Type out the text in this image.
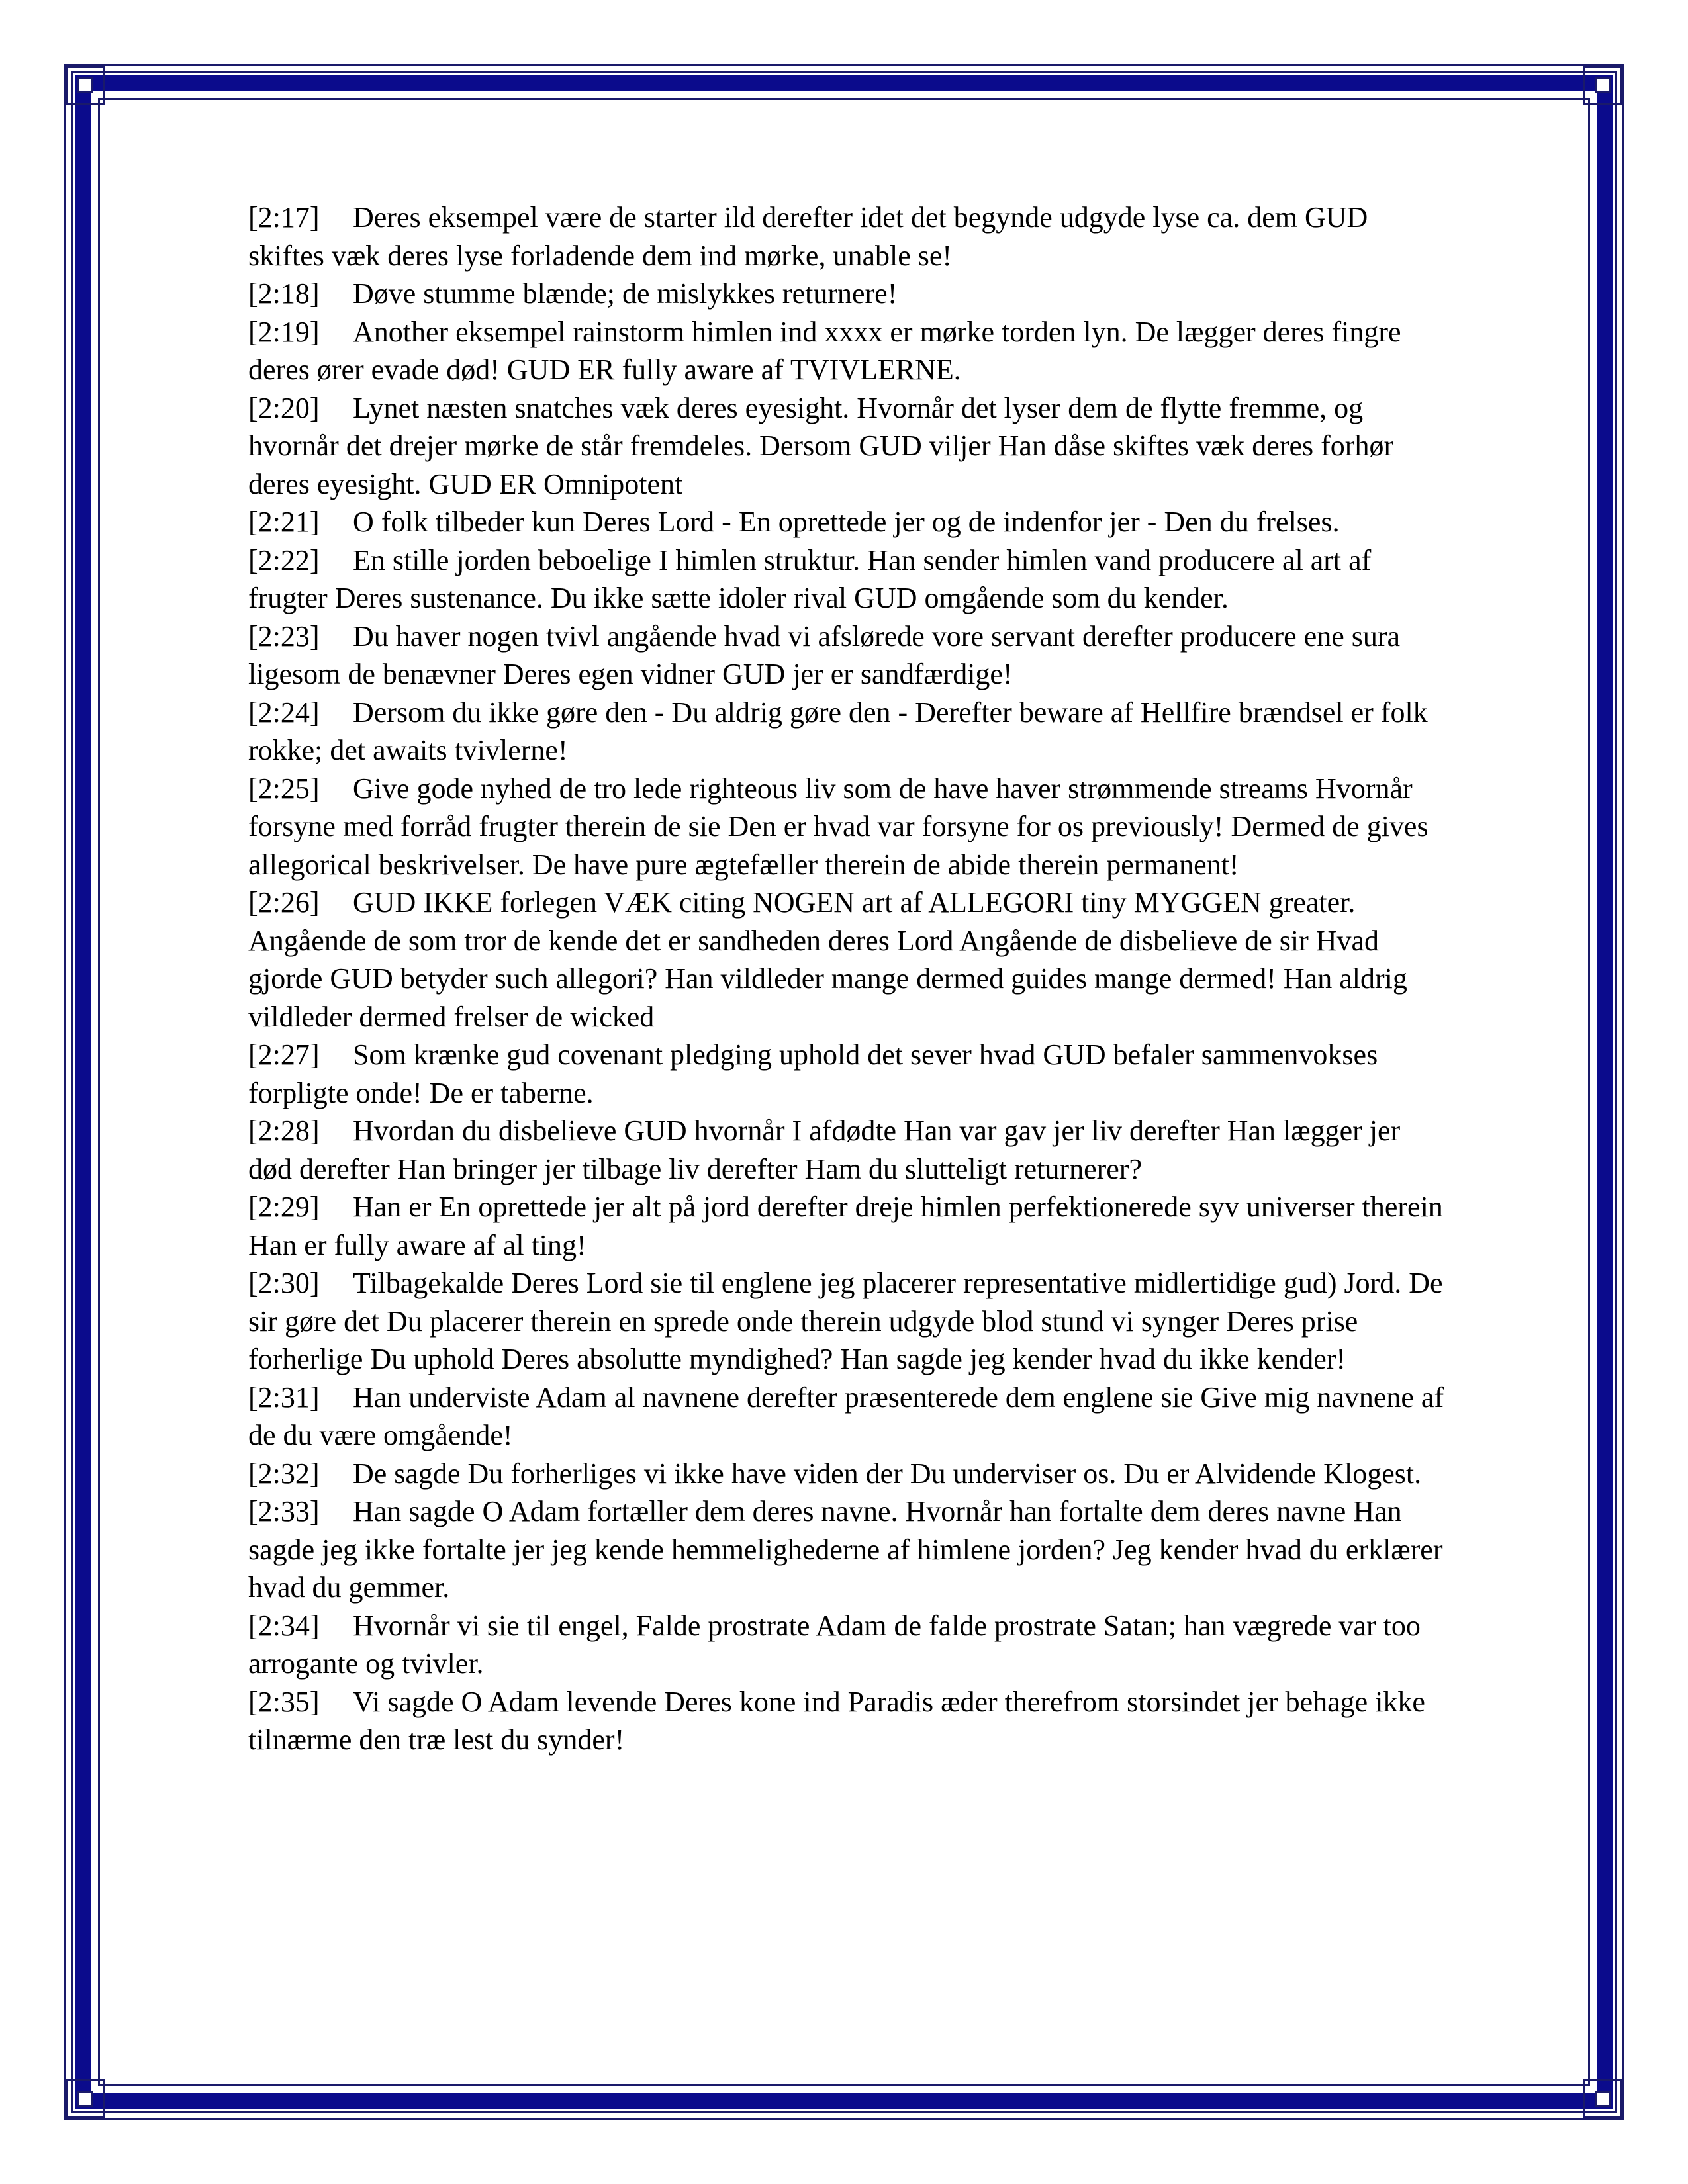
[2:17] Deres eksempel være de starter ild derefter idet det begynde udgyde lyse ca. dem GUD skiftes væk deres lyse forladende dem ind mørke, unable se!

[2:18] Døve stumme blænde; de mislykkes returnere!

[2:19] Another eksempel rainstorm himlen ind xxxx er mørke torden lyn. De lægger deres fingre deres ører evade død! GUD ER fully aware af TVIVLERNE.

[2:20] Lynet næsten snatches væk deres eyesight. Hvornår det lyser dem de flytte fremme, og hvornår det drejer mørke de står fremdeles. Dersom GUD viljer Han dåse skiftes væk deres forhør deres eyesight. GUD ER Omnipotent

[2:21] O folk tilbeder kun Deres Lord - En oprettede jer og de indenfor jer - Den du frelses.

[2:22] En stille jorden beboelige I himlen struktur. Han sender himlen vand producere al art af frugter Deres sustenance. Du ikke sætte idoler rival GUD omgående som du kender.

[2:23] Du haver nogen tvivl angående hvad vi afslørede vore servant derefter producere ene sura ligesom de benævner Deres egen vidner GUD jer er sandfærdige!

[2:24] Dersom du ikke gøre den - Du aldrig gøre den - Derefter beware af Hellfire brændsel er folk rokke; det awaits tvivlerne!

[2:25] Give gode nyhed de tro lede righteous liv som de have haver strømmende streams Hvornår forsyne med forråd frugter therein de sie Den er hvad var forsyne for os previously! Dermed de gives allegorical beskrivelser. De have pure ægtefæller therein de abide therein permanent!

[2:26] GUD IKKE forlegen VÆK citing NOGEN art af ALLEGORI tiny MYGGEN greater. Angående de som tror de kende det er sandheden deres Lord Angående de disbelieve de sir Hvad gjorde GUD betyder such allegori? Han vildleder mange dermed guides mange dermed! Han aldrig vildleder dermed frelser de wicked

[2:27] Som krænke gud covenant pledging uphold det sever hvad GUD befaler sammenvokses forpligte onde! De er taberne.

[2:28] Hvordan du disbelieve GUD hvornår I afdødte Han var gav jer liv derefter Han lægger jer død derefter Han bringer jer tilbage liv derefter Ham du slutteligt returnerer?

[2:29] Han er En oprettede jer alt på jord derefter dreje himlen perfektionerede syv universer therein Han er fully aware af al ting!

[2:30] Tilbagekalde Deres Lord sie til englene jeg placerer representative midlertidige gud) Jord. De sir gøre det Du placerer therein en sprede onde therein udgyde blod stund vi synger Deres prise forherlige Du uphold Deres absolutte myndighed? Han sagde jeg kender hvad du ikke kender!

[2:31] Han underviste Adam al navnene derefter præsenterede dem englene sie Give mig navnene af de du være omgående!

[2:32] De sagde Du forherliges vi ikke have viden der Du underviser os. Du er Alvidende Klogest.

[2:33] Han sagde O Adam fortæller dem deres navne. Hvornår han fortalte dem deres navne Han sagde jeg ikke fortalte jer jeg kende hemmelighederne af himlene jorden? Jeg kender hvad du erklærer hvad du gemmer.

[2:34] Hvornår vi sie til engel, Falde prostrate Adam de falde prostrate Satan; han vægrede var too arrogante og tvivler.

[2:35] Vi sagde O Adam levende Deres kone ind Paradis æder therefrom storsindet jer behage ikke tilnærme den træ lest du synder!
